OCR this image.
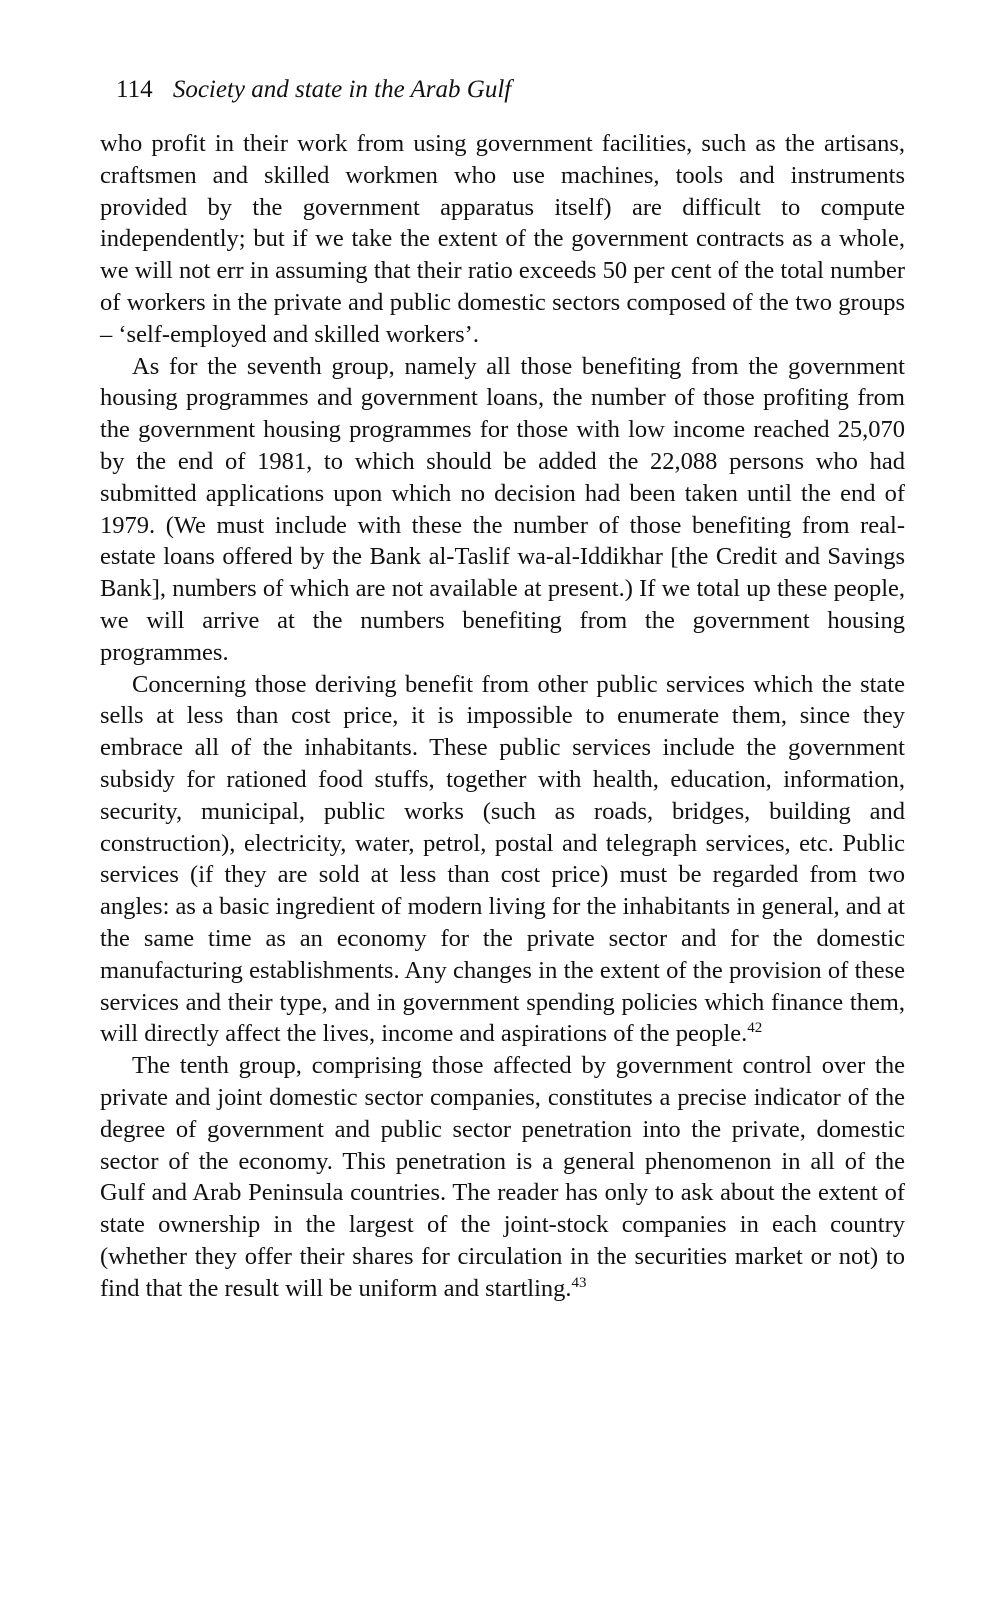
114 Society and state in the Arab Gulf

who profit in their work from using government facilities, such as the artisans, craftsmen and skilled workmen who use machines, tools and instruments provided by the government apparatus itself) are difficult to compute independently; but if we take the extent of the government contracts as a whole, we will not err in assuming that their ratio exceeds 50 per cent of the total number of workers in the private and public domestic sectors composed of the two groups – ‘self-employed and skilled workers’.

As for the seventh group, namely all those benefiting from the government housing programmes and government loans, the number of those profiting from the government housing programmes for those with low income reached 25,070 by the end of 1981, to which should be added the 22,088 persons who had submitted applications upon which no decision had been taken until the end of 1979. (We must include with these the number of those benefiting from real-estate loans offered by the Bank al-Taslif wa-al-Iddikhar [the Credit and Savings Bank], numbers of which are not available at present.) If we total up these people, we will arrive at the numbers benefiting from the government housing programmes.

Concerning those deriving benefit from other public services which the state sells at less than cost price, it is impossible to enumerate them, since they embrace all of the inhabitants. These public services include the government subsidy for rationed food stuffs, together with health, education, information, security, municipal, public works (such as roads, bridges, building and construction), electricity, water, petrol, postal and telegraph services, etc. Public services (if they are sold at less than cost price) must be regarded from two angles: as a basic ingredient of modern living for the inhabitants in general, and at the same time as an economy for the private sector and for the domestic manufacturing establishments. Any changes in the extent of the provision of these services and their type, and in government spending policies which finance them, will directly affect the lives, income and aspirations of the people.$^{42}$

The tenth group, comprising those affected by government control over the private and joint domestic sector companies, constitutes a precise indicator of the degree of government and public sector penetration into the private, domestic sector of the economy. This penetration is a general phenomenon in all of the Gulf and Arab Peninsula countries. The reader has only to ask about the extent of state ownership in the largest of the joint-stock companies in each country (whether they offer their shares for circulation in the securities market or not) to find that the result will be uniform and startling.$^{43}$
